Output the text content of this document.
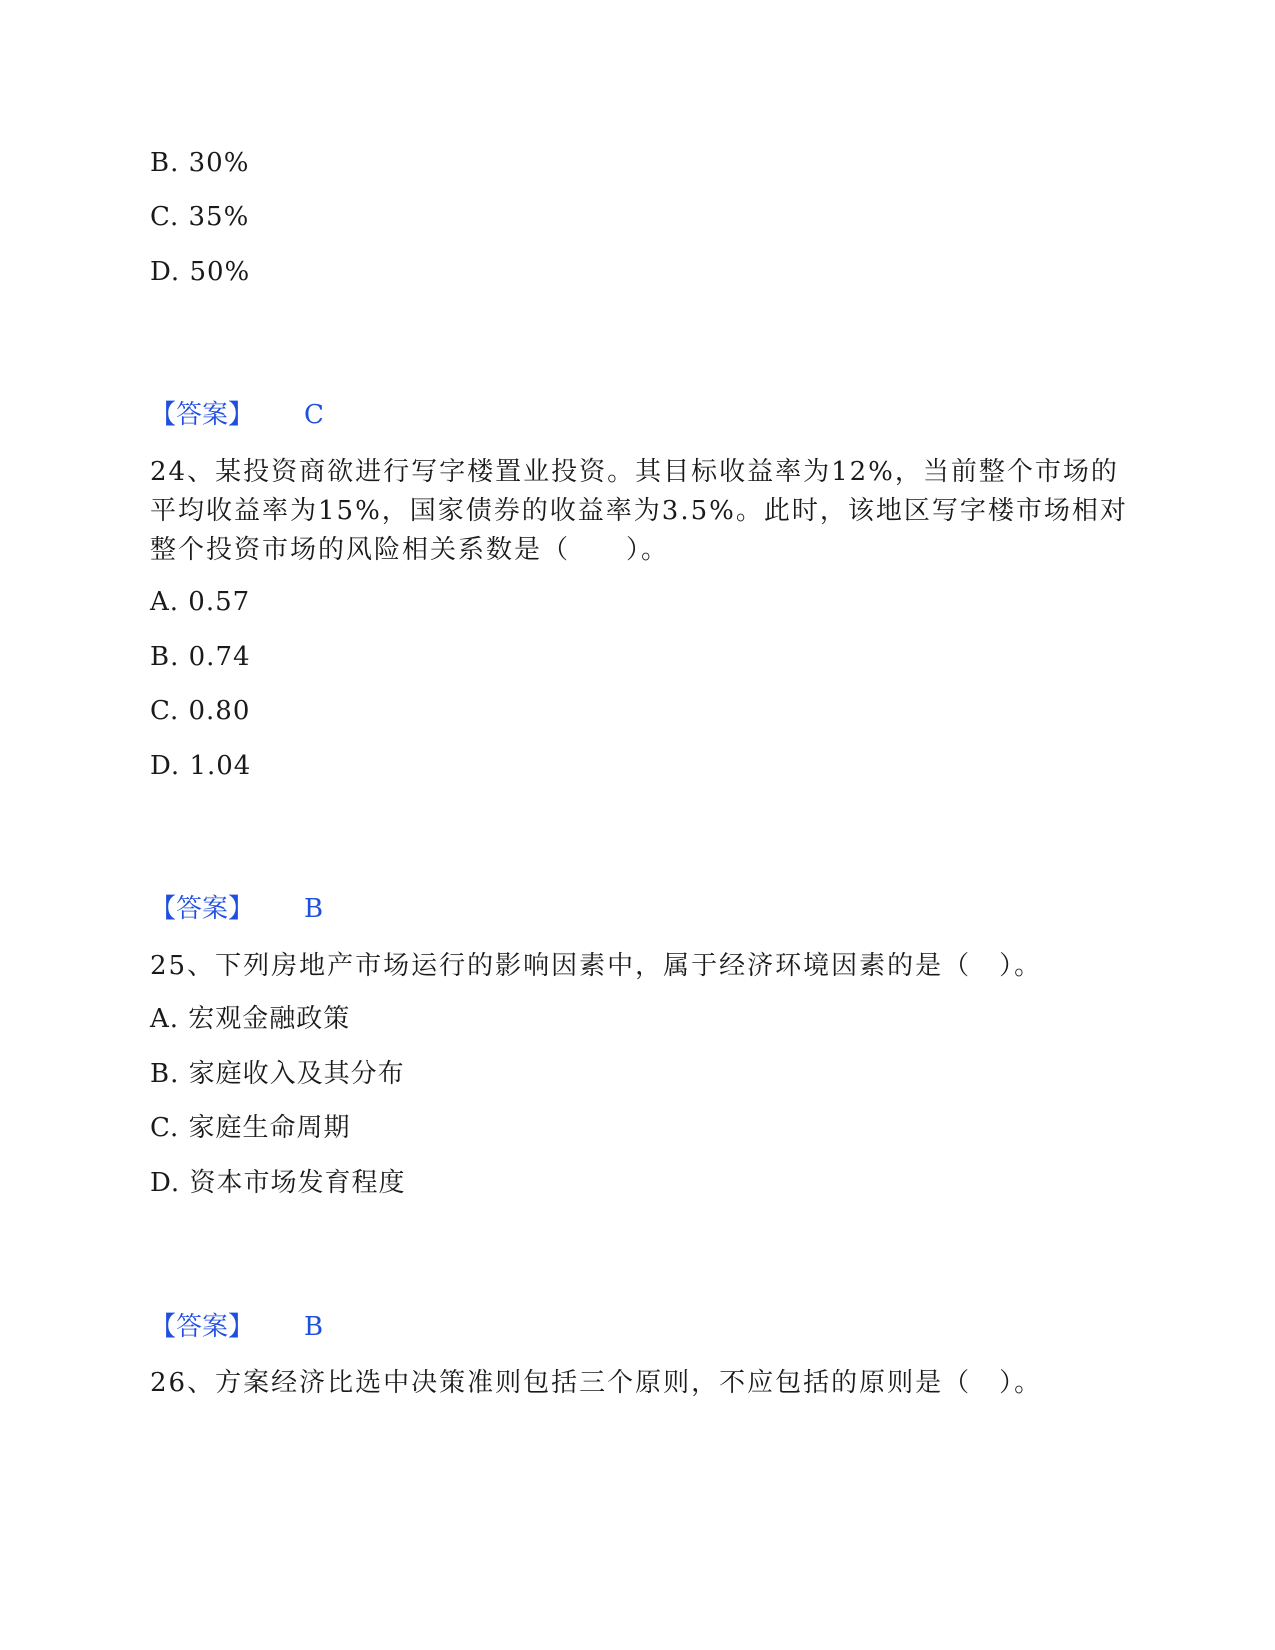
B. 30%
C. 35%
D. 50%
【答案】 C
24、某投资商欲进行写字楼置业投资。其目标收益率为12%，当前整个市场的平均收益率为15%，国家债券的收益率为3.5%。此时，该地区写字楼市场相对整个投资市场的风险相关系数是（　　）。
A. 0.57
B. 0.74
C. 0.80
D. 1.04
【答案】 B
25、下列房地产市场运行的影响因素中，属于经济环境因素的是（　）。
A. 宏观金融政策
B. 家庭收入及其分布
C. 家庭生命周期
D. 资本市场发育程度
【答案】 B
26、方案经济比选中决策准则包括三个原则，不应包括的原则是（　）。
